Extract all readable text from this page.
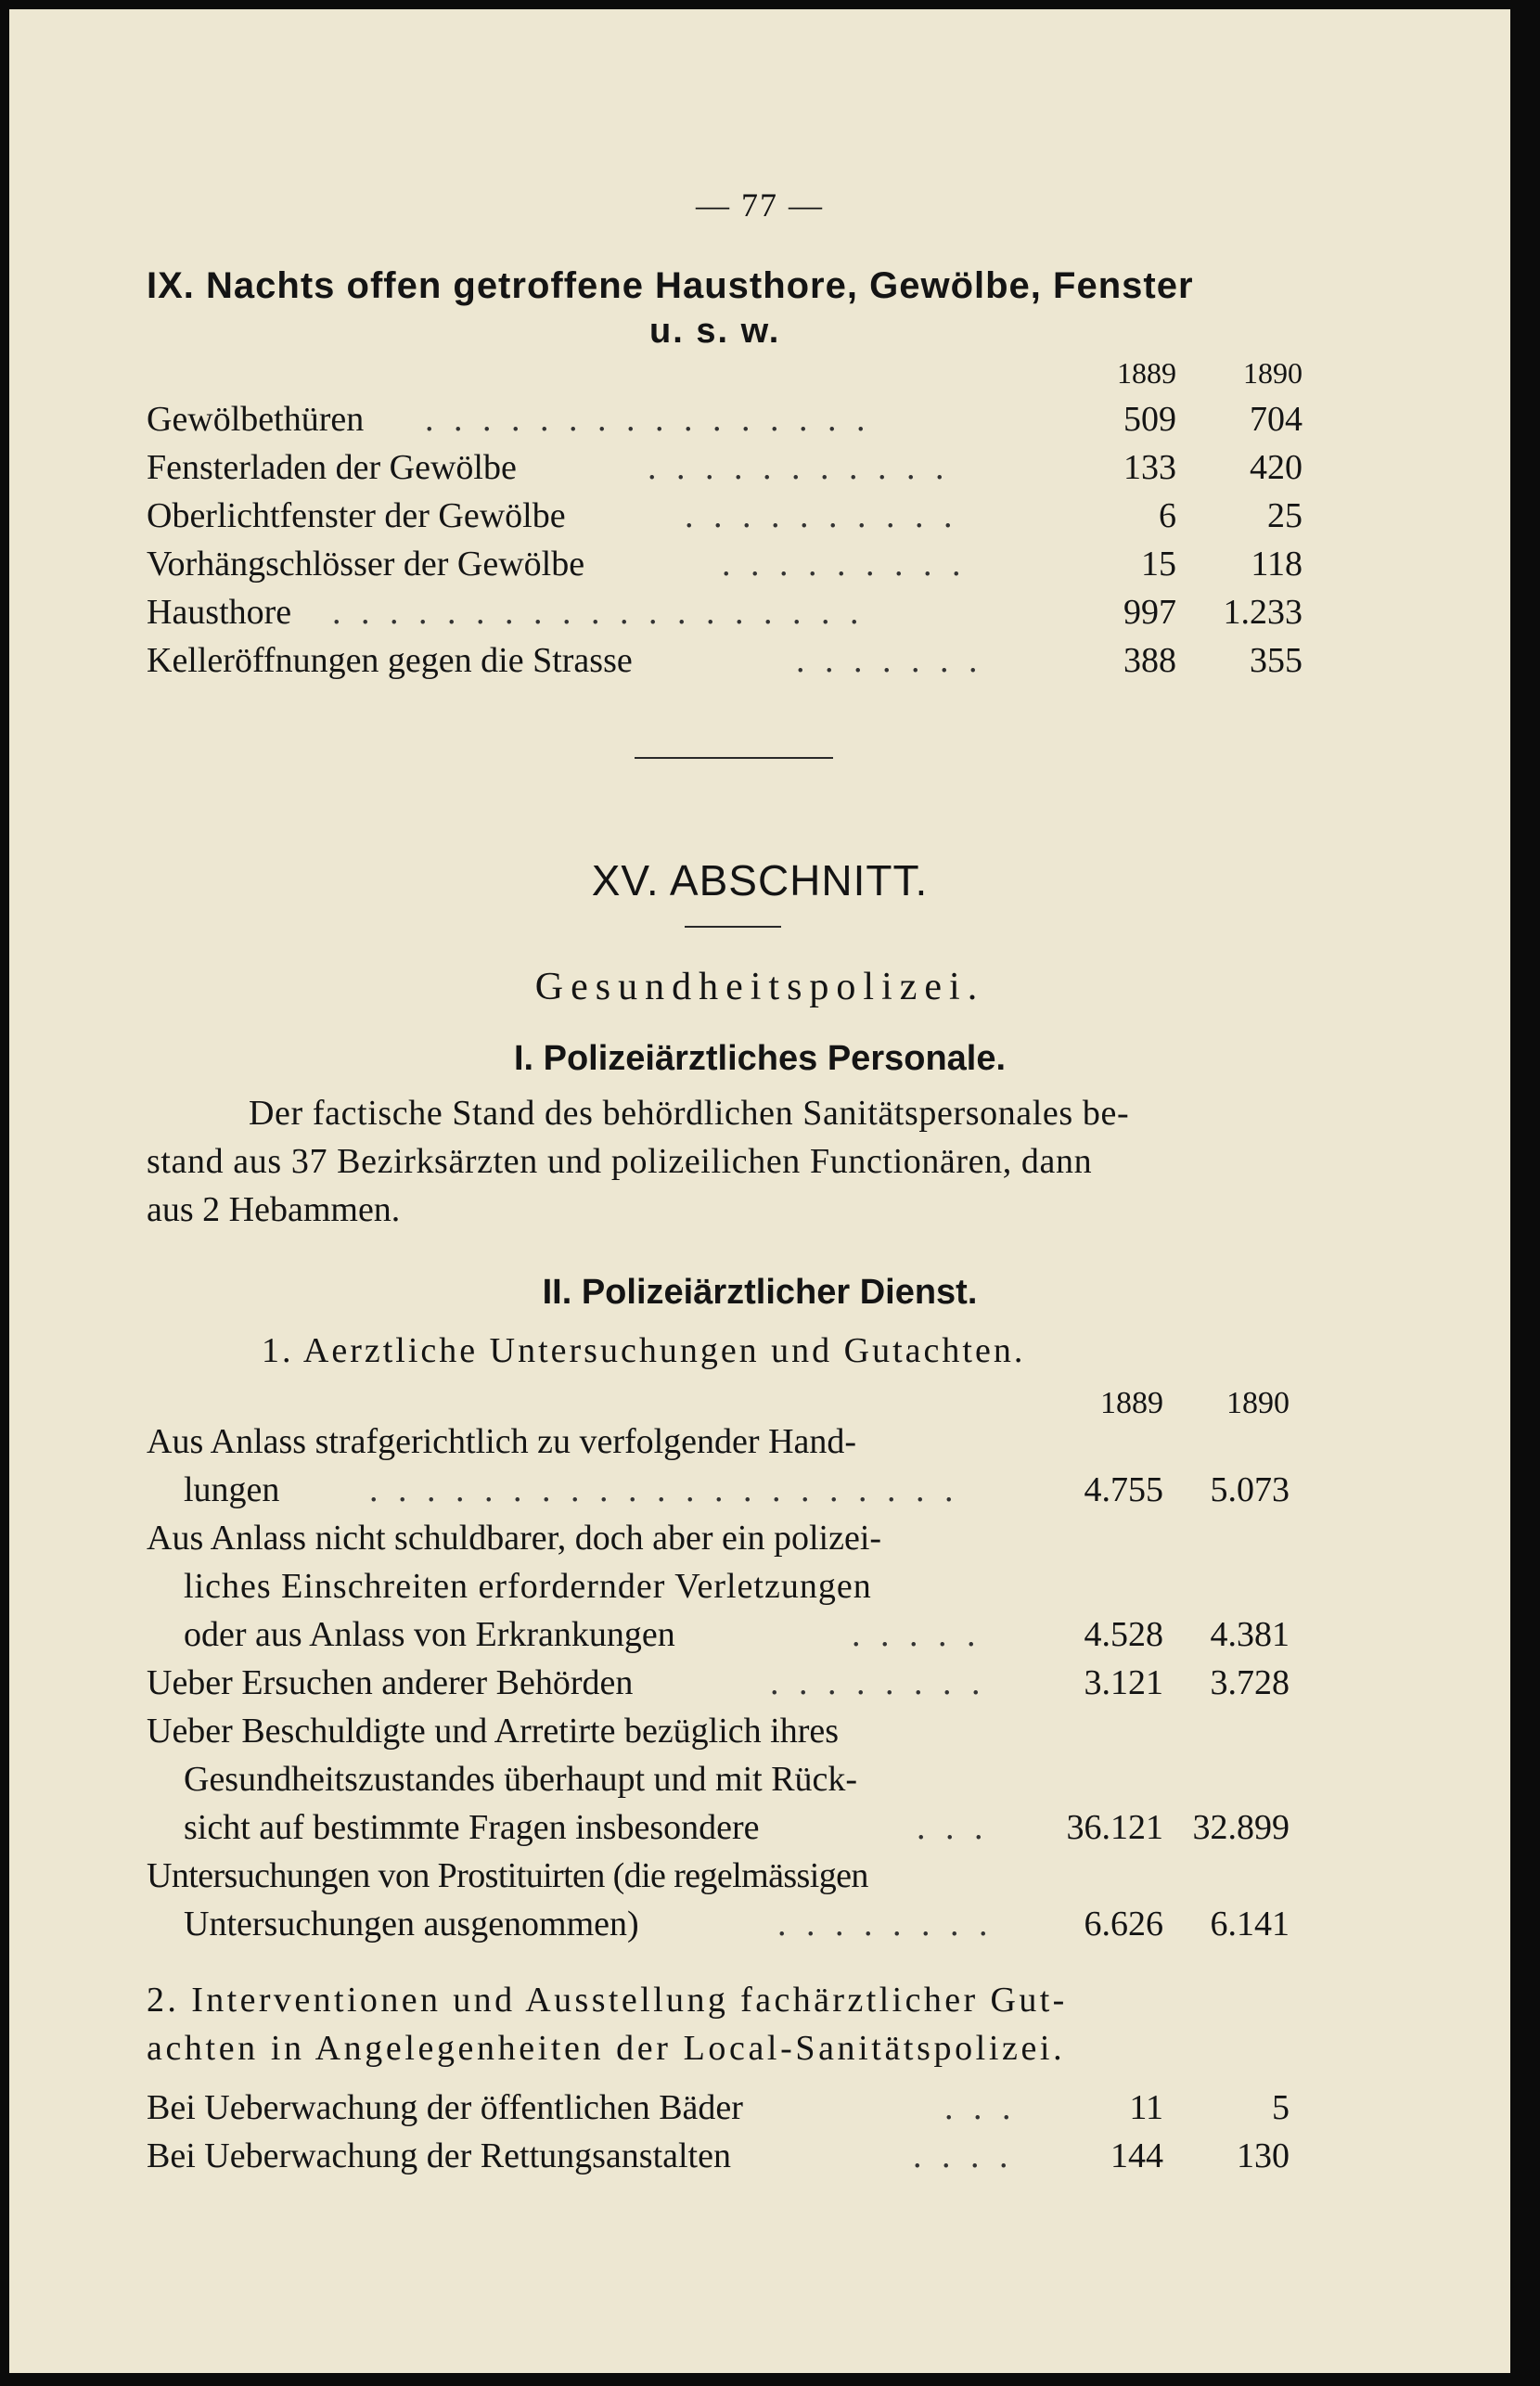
— 77 —
IX. Nachts offen getroffene Hausthore, Gewölbe, Fenster
u. s. w.
1889	1890
Gewölbethüren . . . . . . . . . . . . . . . .	509	704
Fensterladen der Gewölbe	. . . . . . . . . . .	133	420
Oberlichtfenster der Gewölbe	. . . . . . . . . .	6	25
Vorhängschlösser der Gewölbe	. . . . . . . . .	15	118
Hausthore . . . . . . . . . . . . . . . . . . .	997	1.233
Kelleröffnungen gegen die Strasse	. . . . . . .	388	355
XV. ABSCHNITT.
Gesundheitspolizei.
I. Polizeiärztliches Personale.
Der factische Stand des behördlichen Sanitätspersonales be-
stand aus 37 Bezirksärzten und polizeilichen Functionären, dann
aus 2 Hebammen.
II. Polizeiärztlicher Dienst.
1. Aerztliche Untersuchungen und Gutachten.
1889	1890
Aus Anlass strafgerichtlich zu verfolgender Hand-
lungen	. . . . . . . . . . . . . . . . . . . . .	4.755	5.073
Aus Anlass nicht schuldbarer, doch aber ein polizei-
liches Einschreiten erfordernder Verletzungen
oder aus Anlass von Erkrankungen	. . . . .	4.528	4.381
Ueber Ersuchen anderer Behörden	. . . . . . . .	3.121	3.728
Ueber Beschuldigte und Arretirte bezüglich ihres
Gesundheitszustandes überhaupt und mit Rück-
sicht auf bestimmte Fragen insbesondere	. . .	36.121 32.899
Untersuchungen von Prostituirten (die regelmässigen
Untersuchungen ausgenommen)	. . . . . . . .	6.626	6.141
2. Interventionen und Ausstellung fachärztlicher Gut-
achten in Angelegenheiten der Local-Sanitätspolizei.
Bei Ueberwachung der öffentlichen Bäder	. . .	11	5
Bei Ueberwachung der Rettungsanstalten	. . . .	144	130
